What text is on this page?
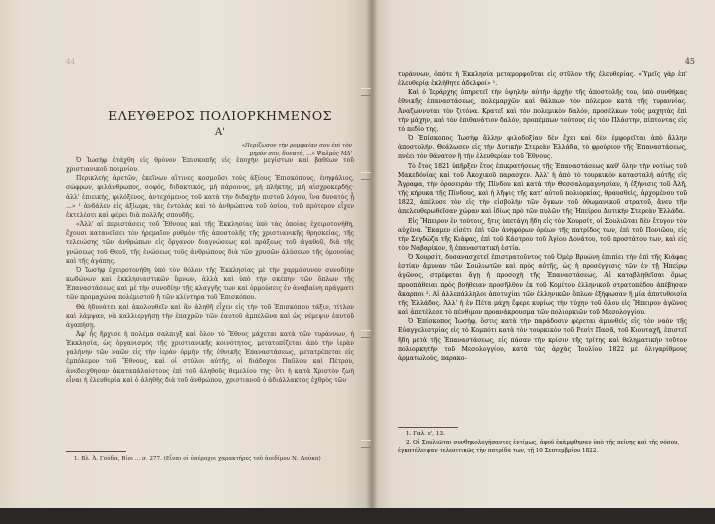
44
ΕΛΕΥΘΕΡΟΣ ΠΟΛΙΟΡΚΗΜΕΝΟΣ
Α'
«Περίζωσον τὴν ρομφαίαν σου ἐπὶ τὸν
μηρόν σου, δυνατέ, ...» Ψαλμὸς ΜΔ'

Ὁ Ἰωσὴφ ἐτάχθη εἰς θρόνον Ἐπισκοπῆς εἰς ἐποχὴν μεγίστων καὶ βαθέων τοῦ χριστιανικοῦ ποιμνίου.

Περικλεὴς ἀρετῶν, ἐκεῖνων αἵτινες κοσμοῦσι τοὺς ἀξίους Ἐπισκόπους, ἐνηφάλιος, σώφρων, φιλάνθρωπος, σοφός, διδακτικός, μὴ πάροινος, μὴ πλήκτης, μὴ αἰσχροκερδής· ἀλλ' ἐπιεικής, φιλόξενος, ἀντεχόμενος τοῦ κατὰ τὴν διδαχὴν πιστοῦ λόγου, ἵνα δυνατὸς ᾖ ...» ¹ ἀνδάλεν εἰς ἀξίωμα, τὰς ἐντολὰς καὶ τὸ ἀνθρώπινα τοῦ ὁσίου, τοῦ πρότερον εἶχεν ἐκτελέσει καὶ φέρει διὰ πολλῆς σπουδῆς.

«Ἀλλ' αἱ περιστάσεις τοῦ Ἔθνους καὶ τῆς Ἐκκλησίας ὑπὸ τὰς ὁποίας ἐχειροτονήθη, ἔχουσι κατανεῖσει τὸν ἠρεμαῖον ρυθμὸν τῆς ἀποστολῆς τῆς χριστιανικῆς θρησκείας, τῆς τελειώσης τῶν ἀνθρώπων εἰς ὄργανον διαγνώσεως καὶ πράξεως τοῦ ἀγαθοῦ, διὰ τῆς γνώσεως τοῦ Θεοῦ, τῆς ἑνώσεως τοῦς ἀνθρώπους διὰ τῶν χρυσῶν ἁλύσεων τῆς ὁμονοίας καὶ τῆς ἀγάπης.

Ὁ Ἰωσὴφ ἐχειροτονήθη ὑπὸ τὸν θόλον τῆς Ἐκκλησίας μὲ τὴν χαρμόσυνον συνοδίην κωδώνων καὶ ἐκκλησιαστικῶν ὕμνων, ἀλλὰ καὶ ὑπὸ τὴν σκέπην τῶν ὅπλων τῆς Ἐπαναστάσεως καὶ μὲ τὴν συνοδίην τῆς κλαγγῆς των καὶ ὁρμούσεις ἐν ἀναβαίνη πράγματι τῶν προμαχώνα πολέμιστοῦ ἢ τῶν κλίντηρα τοῦ Ἐπισκόπου.

Θὰ ἠδυνάτει καὶ ἀκολουθεῖν καὶ ἂν ἀληθῆ εἶχεν εἰς τὴν τοῦ Ἐπισκόπου τάξιν, τίτλον καὶ λάμψαν, νὰ καλλιεργήσῃ τὴν ἐπαχρῶν τῶν ἐαυτοῦ ἀμπελῶνα καὶ ὡς νέμεψιν ἑαυτοῦ ἀγαπήσῃ.

Ἀφ' ἧς ἤρχισε ἡ πολέμα σαλπιγξ καὶ ὅλον τὸ Ἔθνος μάχεται κατὰ τῶν τυράννων, ἡ Ἐκκλησία, ὡς ὀργανισμὸς τῆς χριστιανικῆς κοινότητος, μετατοπίζεται ἀπὸ τὴν ἱερὰν γαλήνην τῶν ναῶν εἰς τὴν ἱερὰν ὁρμὴν τῆς ἐθνικῆς Ἐπαναστάσεως, μετατρέπεται εἰς ἐμπόλεμον τοῦ Ἔθνους, καὶ οἱ στύλοι αὐτῆς, οἱ διάδοχοι Παῦλου καὶ Πέτρου, ἀνεδειχθησαν ἀκαταπάλαίστους ἐπὶ τοῦ ἀληθοῦς θεμελίου της· ὅτι ἡ κατὰ Χριστὸν ζωὴ εἶναι ἡ ἐλευθερία καὶ ὁ ἀληθὴς διὰ τοῦ ἀνθρώπου, χριστιανοῦ ὁ ἀδιάλλακτος ἐχθρὸς τῶν

1. Βλ. Ἀ. Γούδα, Βίοι ... σ. 277. (Εἶναι οἱ ὑπέροχοι χαρακτῆρες τοῦ ἀοιδίμου Ν. Δούκα)

45

τυράννων, ὁπότε ἡ Ἐκκλησία μεταμορφοῦται εἰς στῦλον τῆς ἐλευθερίας. «Ὑμεῖς γὰρ ἐπ' ἐλευθερίᾳ ἐκλήθητε ἀδελφοί» ¹.

Καὶ ὁ Ἱεράρχης ὑπηρετεῖ τὴν ὑψηλὴν αὐτὴν ἀρχὴν τῆς ἀποστολῆς του, ὑπὸ συνθήκας ἐθνικῆς ἐπαναστάσεως, πολεμαρχῶν καὶ θάλπων τὸν πόλεμον κατὰ τῆς τυραννίας. Ἀναζωννυται τὸν ζιτόνα. Κρατεῖ καὶ τὸν πολεμικὸν δαλόν, προσέλκων τοὺς μαχητὰς ἐπὶ τὴν μάχην, καὶ τὸν ἐπιθανάτιον δαλόν, προπέμπων τούτους εἰς τὸν Πλάστην, πίπτοντας εἰς τὸ πεδίο της.

Ὁ Ἐπίσκοπος Ἰωσὴφ ἄλλην φιλοδοξίαν δὲν ἔχει καὶ δὲν ἐμφορεῖται ἀπὸ ἄλλην ἀποστολήν. Θεάλωσεν εἰς τὴν Δυτικὴν Στερεὰν Ἑλλάδα, τὸ φρούριον τῆς Ἐπαναστάσεως, πνέει τὸν θάνατον ἢ τὴν ἐλευθερίαν τοῦ Ἔθνους.

Τὸ ἔτος 1821 ὑπῆρξεν ἔτος ἐπικρατήσεως τῆς Ἐπαναστάσεως καθ' ὅλην τὴν νοτίως τοῦ Μακεδόνίας καὶ τοῦ Ἀκοχικοῦ παρασχεν. Ἀλλ' ἡ ἀπὸ τὸ τουρκικὸν κατασταλὴ αὐτῆς εἰς Ἄγραφα, τὴν ὀροσειρὰν τῆς Πίνδου καὶ κατὰ τὴν Θεσσαλομαγνησίαν, ἡ ἐξήνισις τοῦ Ἀλῆ, τῆς κήρυκα τῆς Πίνδους, καὶ ἡ λῆψις τῆς κατ' αὐτοῦ πολιορκίας, θραυσθεὶς, ἀρχομένου τοῦ 1822, ἀπέλυσε τὸν εἰς τὴν εἰσβολὴν τῶν ὄγκων τοῦ ὀθωμανικοῦ στρατοῦ, ἄνευ τῆν ἀπελευθερωθεῖσαν χώραν καὶ ἰδίως πρὸ τῶν πυλῶν τῆς Ἠπείρου Δυτικὴν Στερεὰν Ἑλλάδα.

Εἰς Ἤπειρον ἐν τούτοις, ἥτις ὑπετάγη ἤδη εἰς τὸν Χουρσίτ, οἱ Σουλιῶται δὲν ἔτυγον τὸν αὐχένα. Ἔκαμεν εἰσέτι ἐπὶ τῶν ἀνηφόρων ὀρέων τῆς πατρίδος των, ἐπὶ τοῦ Πονιῶου, εἰς τὴν Σεγδὼζα τῆς Κιάφας, ἐπὶ τοῦ Κάστρου τοῦ Ἁγίου Δονάτου, τοῦ προστάτου των, καὶ εἰς τὸν Ναβαρίκον, ἢ ἐπαναστατικὴ ἑστία.

Ὁ Χουρσίτ, δυσανασχετεῖ ἐπιστρατοῦντος τοῦ Ὀμὲρ Βρυώνη ἐπιπίει τὴν ἐπὶ τῆς Κιάφας ἑστίαν ἄμυναν τῶν Σουλιωτῶν καὶ πρὸς αὐτῆς, ὡς ἡ προσέγγισις τῶν ἐν τῇ Ἠπείρῳ ἀγῶνος, στρέφεται ἄγῃ ἡ προσοχὴ τῆς Ἐπαναστάσεως. Αἱ καταβληθεῖσαι ὅμως προσπάθειαι πρὸς βοήθειαν προσῆλθον ἐκ τοῦ Κομίτου ἑλληνικοῦ στρατοπέδου ἀπέβησαν ἄκαρποι ². Αἱ ἀλλεπάλληλοι ἀποτυχίαι τῶν ἑλληνικῶν ὅπλων ἐξήφωσαν ἢ μία ἀποτυθοισία τῆς Ἑλλάδος. Ἀλλ' ἡ ἐν Πέτα μάχη ἔφερε κυρίως τὴν τύχην τοῦ ὅλου εἰς Ἤπειρον ἀγῶνος καὶ ἀπετέλεσε τὸ πένθιμον προανάκρουσμα τῶν πολιορκιῶν τοῦ Μεσολογγίου.

Ὁ Ἐπίσκοπος Ἰωσήφ, ὅστις κατὰ τὴν παράδοσιν φέρεται ἀμυνθεὶς εἰς τὸν ναὸν τῆς Εὐαγγελιστρίας εἰς τὸ Κομπότι κατὰ τὸν τουρκικὸν τοῦ Ρεσὶτ Πασᾶ, τοῦ Κιουταχῆ, ἐπιστεῖ ἤδη μετὰ τῆς Ἐπαναστάσεως, εἰς πάσαν τὴν κρίσιν τῆς τρίτης καὶ θεληματικὴν τοῦτον πολιορκητὴν τοῦ Μεσολογγίου, κατὰ τὰς ἀρχὰς Ἰουλίου 1822 μὲ ὀλιγαρίθμους ἀρματωλούς, παρακο-

1. Γαλ. ε', 13.

2. Οἱ Σουλιῶται συνθηκολογήσαντες ἐντίμως, ἀφοῦ ἐκάμφθησαν ὑπὸ τῆς πείνης καὶ τῆς νόσου, ἐγκατέλειψαν τελεσιτικῶς τὴν πατρίδα των, τῇ 10 Σεπτεμβρίου 1822.
